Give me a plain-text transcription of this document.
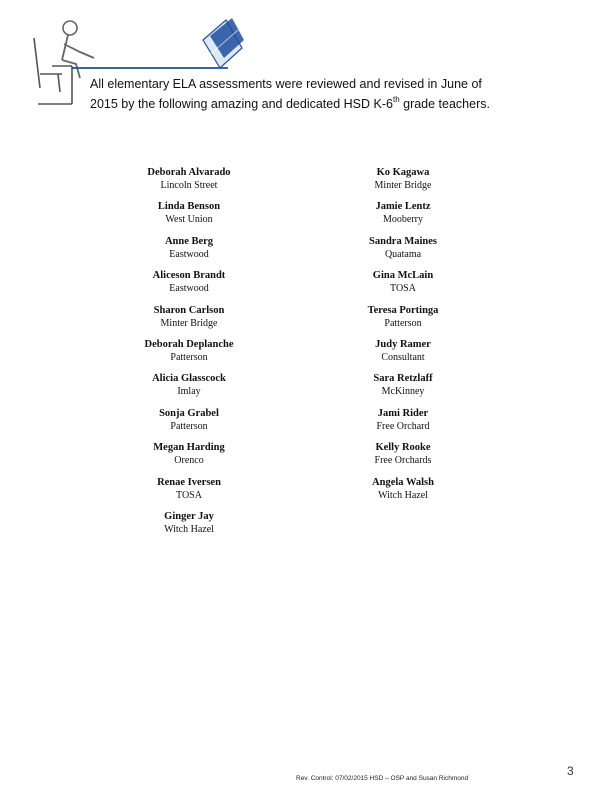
All elementary ELA assessments were reviewed and revised in June of 2015 by the following amazing and dedicated HSD K-6th grade teachers.
Deborah Alvarado
Lincoln Street
Linda Benson
West Union
Anne Berg
Eastwood
Aliceson Brandt
Eastwood
Sharon Carlson
Minter Bridge
Deborah Deplanche
Patterson
Alicia Glasscock
Imlay
Sonja Grabel
Patterson
Megan Harding
Orenco
Renae Iversen
TOSA
Ginger Jay
Witch Hazel
Ko Kagawa
Minter Bridge
Jamie Lentz
Mooberry
Sandra Maines
Quatama
Gina McLain
TOSA
Teresa Portinga
Patterson
Judy Ramer
Consultant
Sara Retzlaff
McKinney
Jami Rider
Free Orchard
Kelly Rooke
Free Orchards
Angela Walsh
Witch Hazel
Rev. Control: 07/02/2015 HSD – OSP and Susan Richmond
3
